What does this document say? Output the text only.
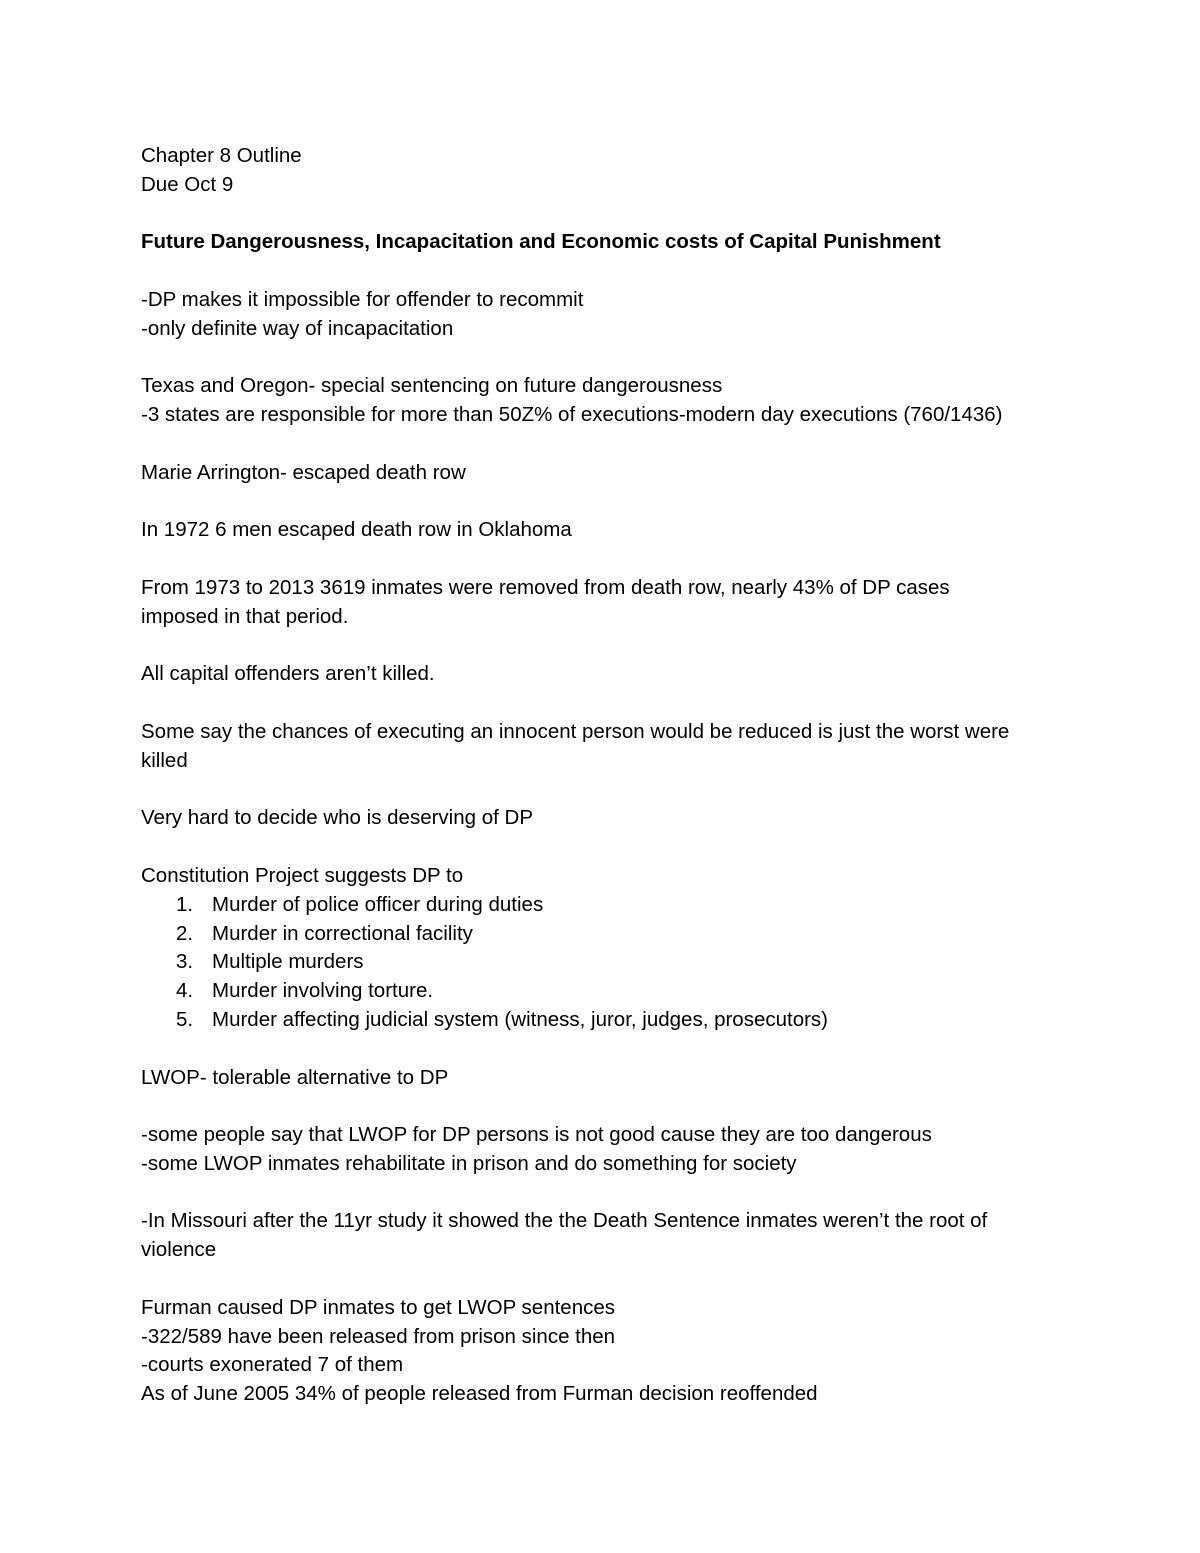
Chapter 8 Outline
Due Oct 9
Future Dangerousness, Incapacitation and Economic costs of Capital Punishment
-DP makes it impossible for offender to recommit
-only definite way of incapacitation
Texas and Oregon- special sentencing on future dangerousness
-3 states are responsible for more than 50Z% of executions-modern day executions (760/1436)
Marie Arrington- escaped death row
In 1972 6 men escaped death row in Oklahoma
From 1973 to 2013 3619 inmates were removed from death row, nearly 43% of DP cases imposed in that period.
All capital offenders aren’t killed.
Some say the chances of executing an innocent person would be reduced is just the worst were killed
Very hard to decide who is deserving of DP
Constitution Project suggests DP to
1. Murder of police officer during duties
2. Murder in correctional facility
3. Multiple murders
4. Murder involving torture.
5. Murder affecting judicial system (witness, juror, judges, prosecutors)
LWOP- tolerable alternative to DP
-some people say that LWOP for DP persons is not good cause they are too dangerous
-some LWOP inmates rehabilitate in prison and do something for society
-In Missouri after the 11yr study it showed the the Death Sentence inmates weren’t the root of violence
Furman caused DP inmates to get LWOP sentences
-322/589 have been released from prison since then
-courts exonerated 7 of them
As of June 2005 34% of people released from Furman decision reoffended
